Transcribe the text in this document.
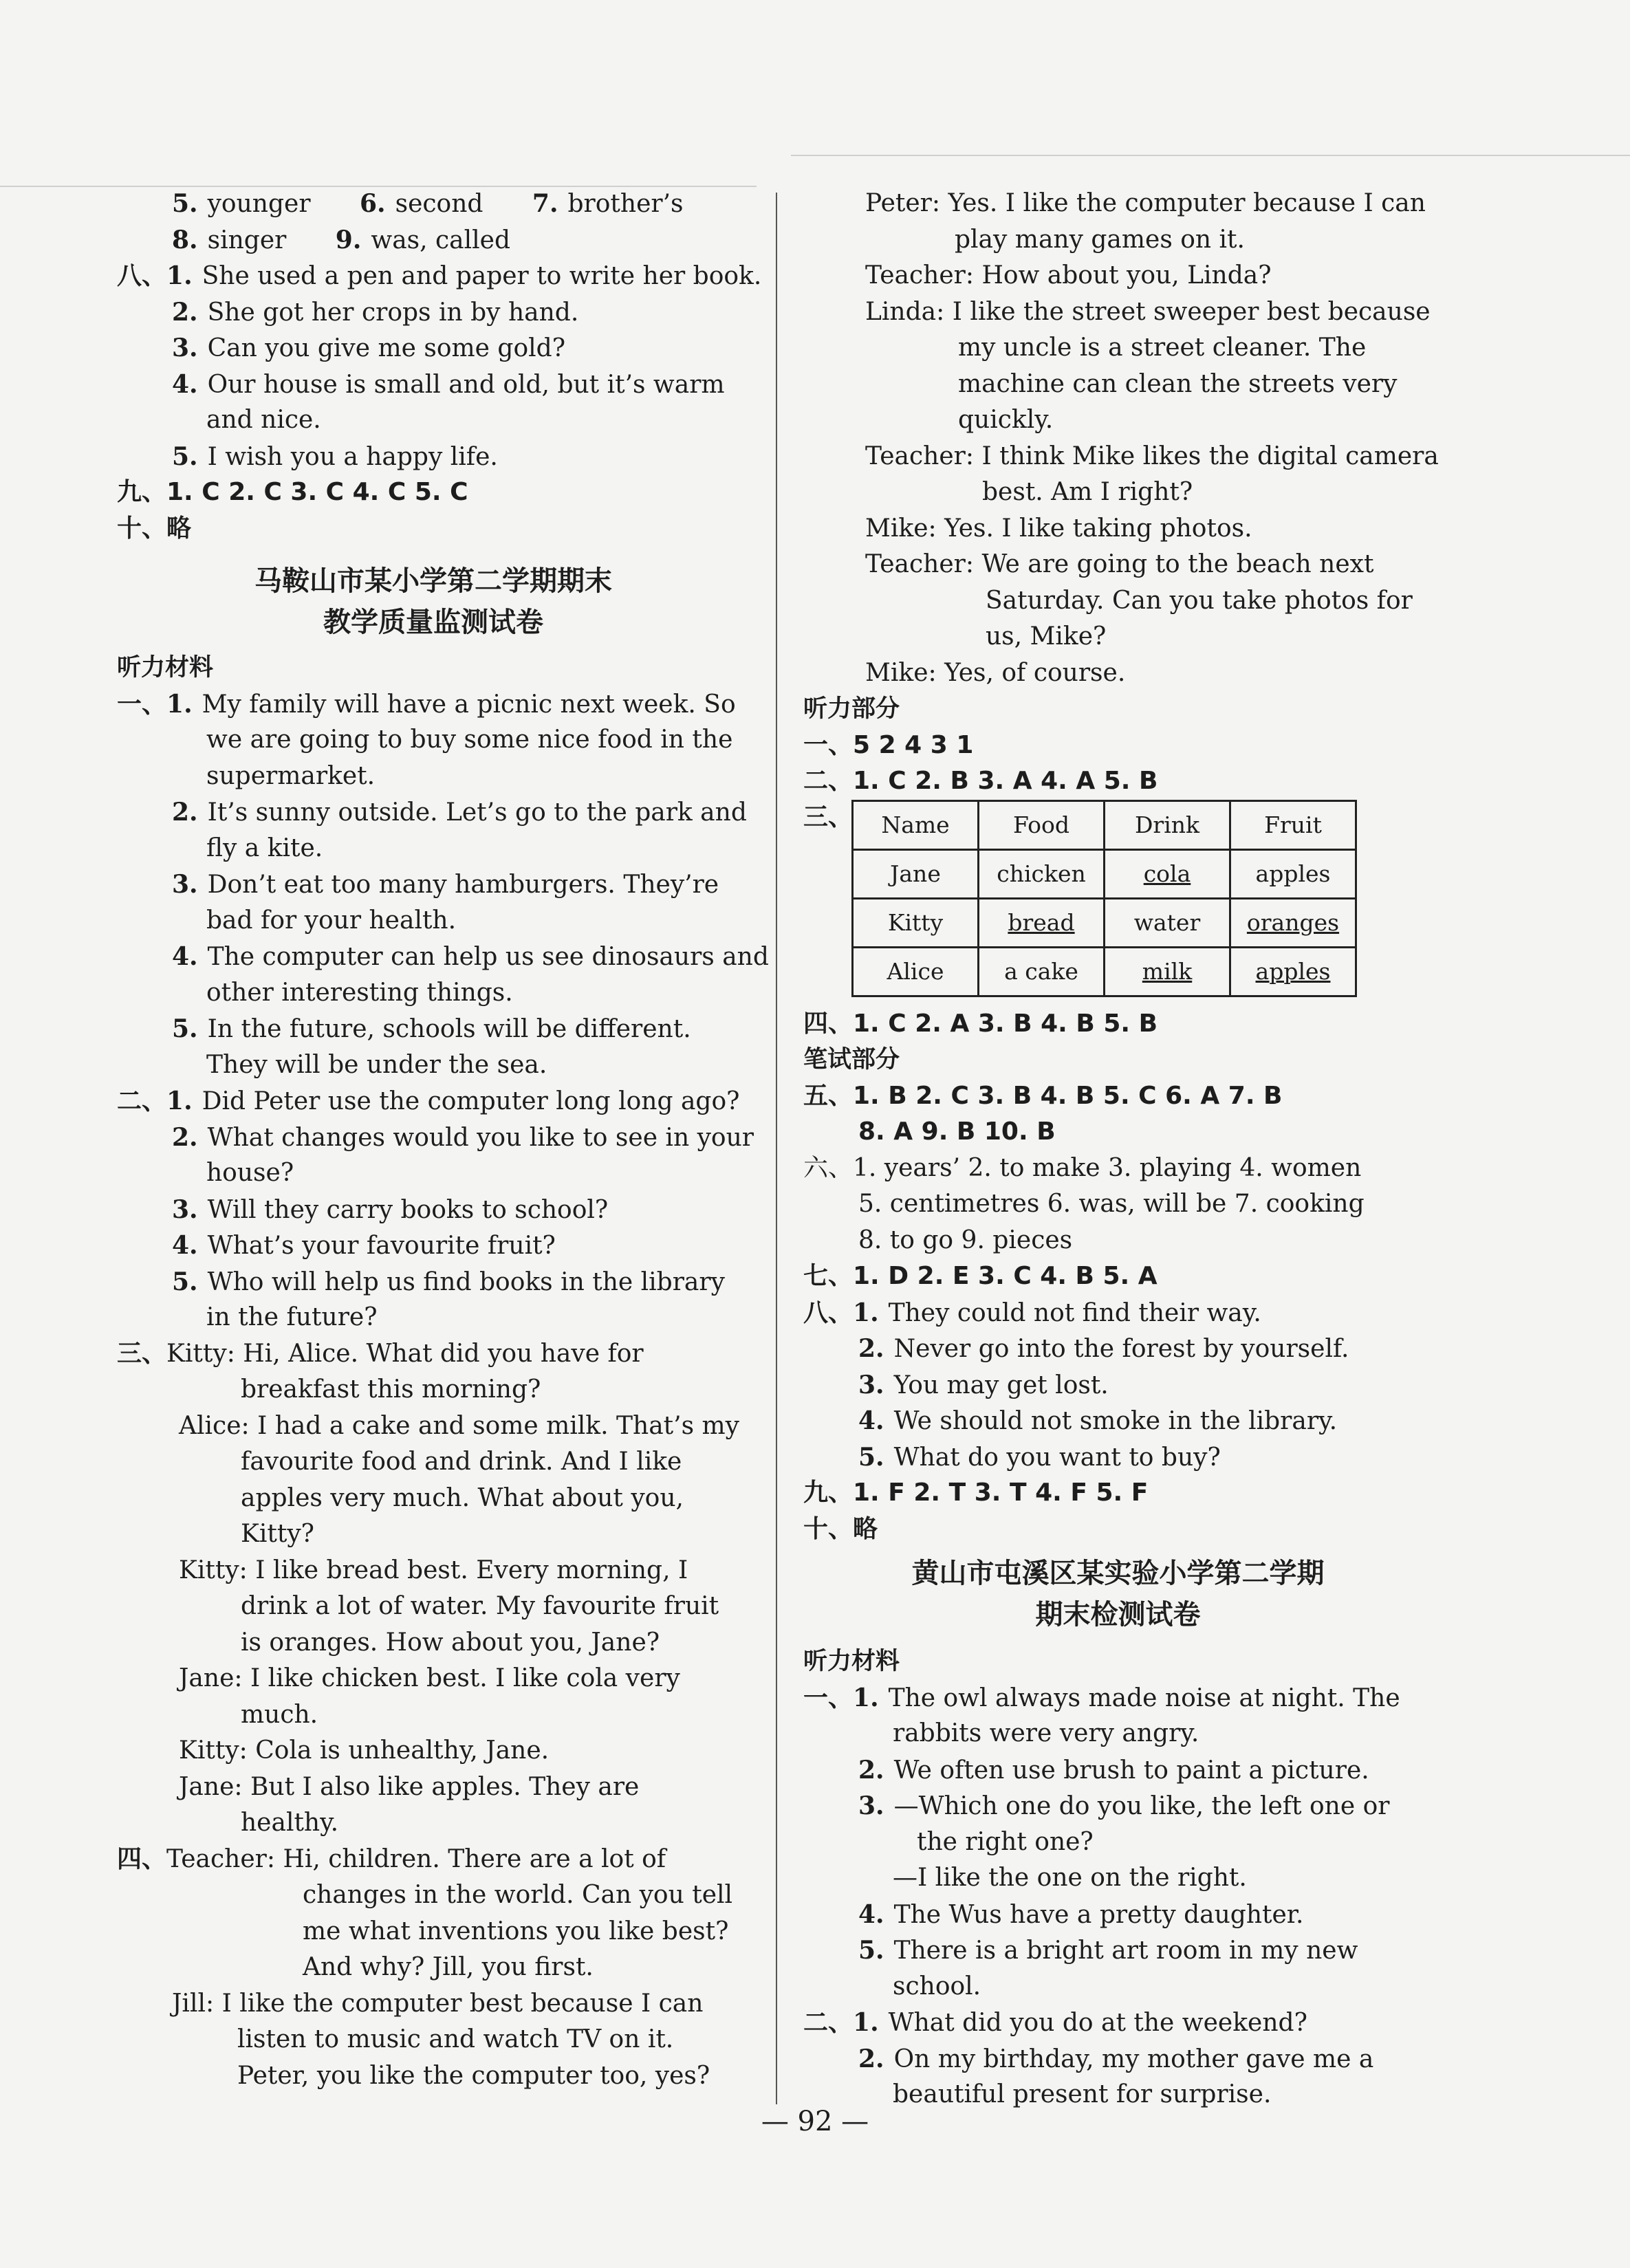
5. younger 6. second 7. brother’s
8. singer 9. was, called
八、1. She used a pen and paper to write her book.
2. She got her crops in by hand.
3. Can you give me some gold?
4. Our house is small and old, but it’s warm
and nice.
5. I wish you a happy life.
九、1. C 2. C 3. C 4. C 5. C
十、略
马鞍山市某小学第二学期期末
教学质量监测试卷
听力材料
一、1. My family will have a picnic next week. So
we are going to buy some nice food in the
supermarket.
2. It’s sunny outside. Let’s go to the park and
fly a kite.
3. Don’t eat too many hamburgers. They’re
bad for your health.
4. The computer can help us see dinosaurs and
other interesting things.
5. In the future, schools will be different.
They will be under the sea.
二、1. Did Peter use the computer long long ago?
2. What changes would you like to see in your
house?
3. Will they carry books to school?
4. What’s your favourite fruit?
5. Who will help us find books in the library
in the future?
三、Kitty: Hi, Alice. What did you have for
breakfast this morning?
Alice: I had a cake and some milk. That’s my
favourite food and drink. And I like
apples very much. What about you,
Kitty?
Kitty: I like bread best. Every morning, I
drink a lot of water. My favourite fruit
is oranges. How about you, Jane?
Jane: I like chicken best. I like cola very
much.
Kitty: Cola is unhealthy, Jane.
Jane: But I also like apples. They are
healthy.
四、Teacher: Hi, children. There are a lot of
changes in the world. Can you tell
me what inventions you like best?
And why? Jill, you first.
Jill: I like the computer best because I can
listen to music and watch TV on it.
Peter, you like the computer too, yes?
Peter: Yes. I like the computer because I can
play many games on it.
Teacher: How about you, Linda?
Linda: I like the street sweeper best because
my uncle is a street cleaner. The
machine can clean the streets very
quickly.
Teacher: I think Mike likes the digital camera
best. Am I right?
Mike: Yes. I like taking photos.
Teacher: We are going to the beach next
Saturday. Can you take photos for
us, Mike?
Mike: Yes, of course.
听力部分
一、5 2 4 3 1
二、1. C 2. B 3. A 4. A 5. B
三、 Name	Food	Drink	Fruit
Jane	chicken	cola	apples
Kitty	bread	water	oranges
Alice	a cake	milk	apples
四、1. C 2. A 3. B 4. B 5. B
笔试部分
五、1. B 2. C 3. B 4. B 5. C 6. A 7. B
8. A 9. B 10. B
六、1. years’ 2. to make 3. playing 4. women
5. centimetres 6. was, will be 7. cooking
8. to go 9. pieces
七、1. D 2. E 3. C 4. B 5. A
八、1. They could not find their way.
2. Never go into the forest by yourself.
3. You may get lost.
4. We should not smoke in the library.
5. What do you want to buy?
九、1. F 2. T 3. T 4. F 5. F
十、略
黄山市屯溪区某实验小学第二学期
期末检测试卷
听力材料
一、1. The owl always made noise at night. The
rabbits were very angry.
2. We often use brush to paint a picture.
3. —Which one do you like, the left one or
the right one?
—I like the one on the right.
4. The Wus have a pretty daughter.
5. There is a bright art room in my new
school.
二、1. What did you do at the weekend?
2. On my birthday, my mother gave me a
beautiful present for surprise.
— 92 —
